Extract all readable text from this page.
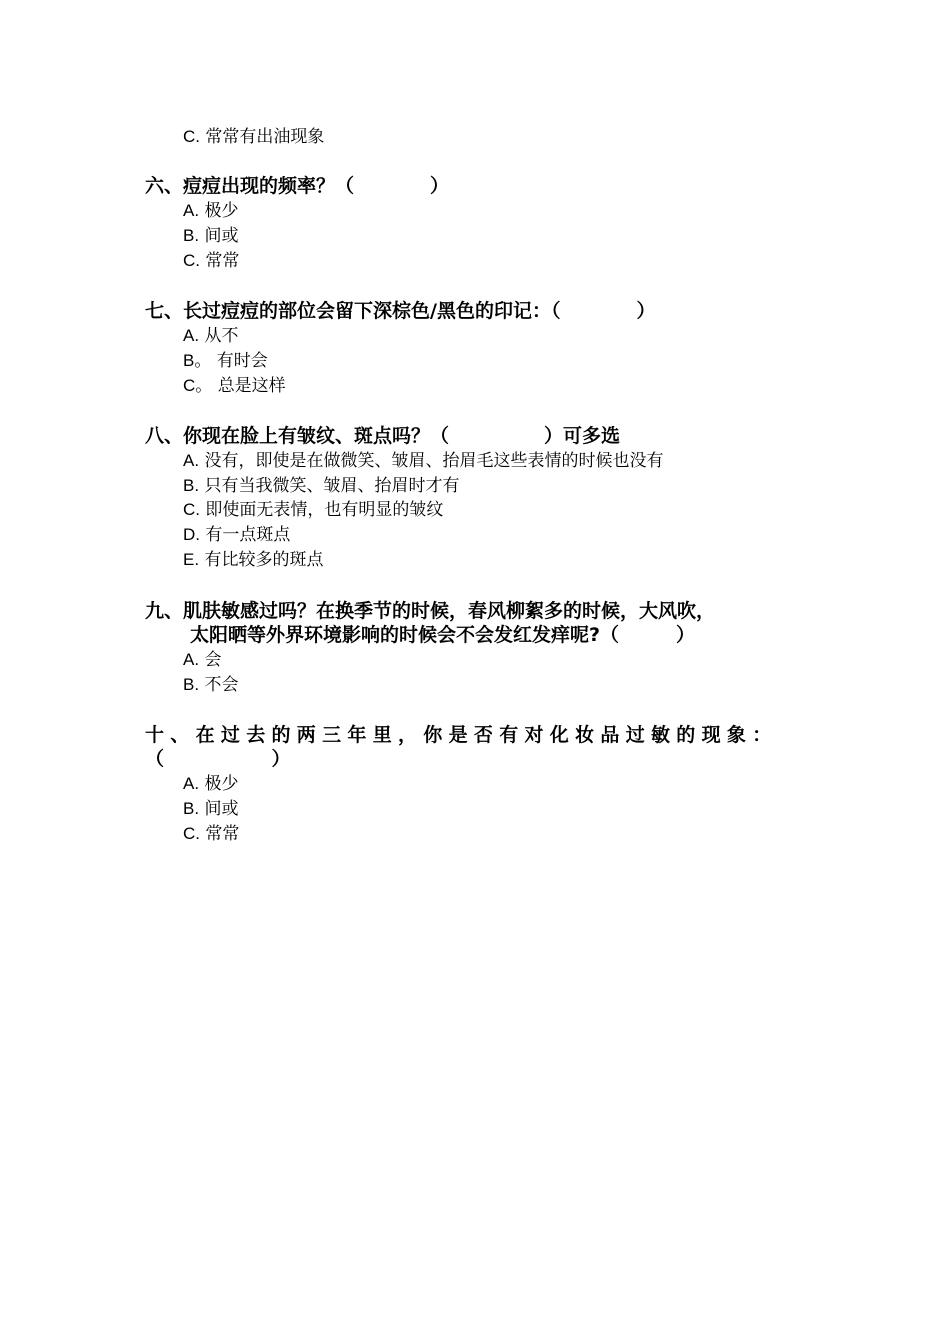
C. 常常有出油现象
六、痘痘出现的频率？（　　　　）
A. 极少
B. 间或
C. 常常
七、长过痘痘的部位会留下深棕色/黑色的印记：（　　　　）
A. 从不
B。 有时会
C。 总是这样
八、你现在脸上有皱纹、斑点吗？（　　　　　）可多选
A. 没有，即使是在做微笑、皱眉、抬眉毛这些表情的时候也没有
B. 只有当我微笑、皱眉、抬眉时才有
C. 即使面无表情，也有明显的皱纹
D. 有一点斑点
E. 有比较多的斑点
九、肌肤敏感过吗？在换季节的时候，春风柳絮多的时候，大风吹，
太阳晒等外界环境影响的时候会不会发红发痒呢?（　　　）
A. 会
B. 不会
十、在过去的两三年里，你是否有对化妆品过敏的现象：（　　　　）
A. 极少
B. 间或
C. 常常
